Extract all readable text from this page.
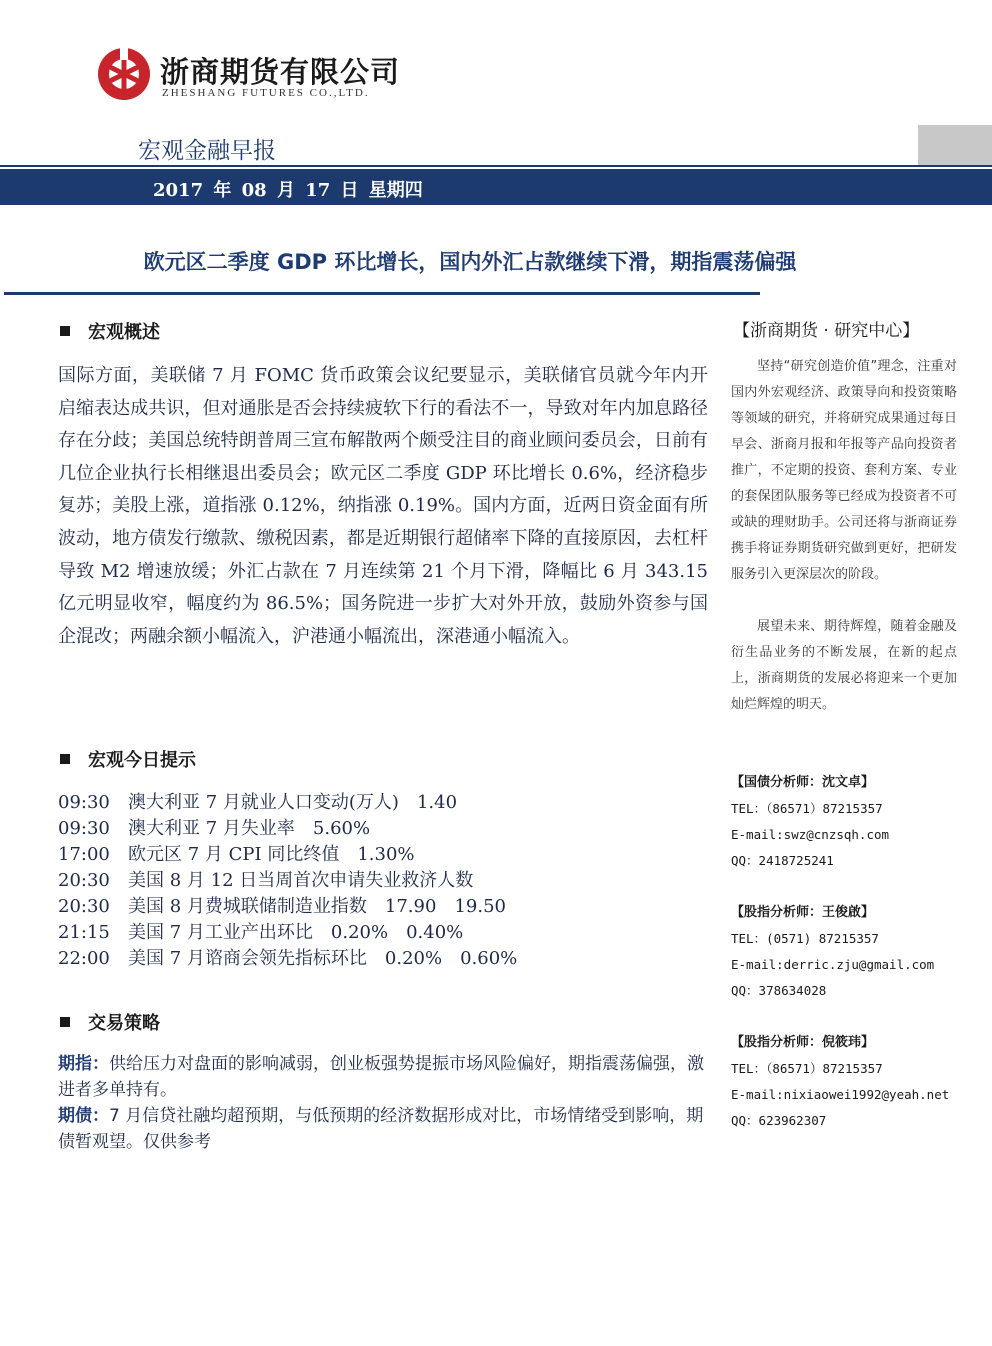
浙商期货有限公司
ZHESHANG FUTURES CO.,LTD.
宏观金融早报
2017 年 08 月 17 日 星期四
欧元区二季度 GDP 环比增长，国内外汇占款继续下滑，期指震荡偏强
宏观概述
国际方面，美联储 7 月 FOMC 货币政策会议纪要显示，美联储官员就今年内开启缩表达成共识，但对通胀是否会持续疲软下行的看法不一，导致对年内加息路径存在分歧；美国总统特朗普周三宣布解散两个颇受注目的商业顾问委员会，日前有几位企业执行长相继退出委员会；欧元区二季度 GDP 环比增长 0.6%，经济稳步复苏；美股上涨，道指涨 0.12%，纳指涨 0.19%。国内方面，近两日资金面有所波动，地方债发行缴款、缴税因素，都是近期银行超储率下降的直接原因，去杠杆导致 M2 增速放缓；外汇占款在 7 月连续第 21 个月下滑，降幅比 6 月 343.15 亿元明显收窄，幅度约为 86.5%；国务院进一步扩大对外开放，鼓励外资参与国企混改；两融余额小幅流入，沪港通小幅流出，深港通小幅流入。
宏观今日提示
09:30 澳大利亚 7 月就业人口变动(万人) 1.40
09:30 澳大利亚 7 月失业率 5.60%
17:00 欧元区 7 月 CPI 同比终值 1.30%
20:30 美国 8 月 12 日当周首次申请失业救济人数
20:30 美国 8 月费城联储制造业指数 17.90 19.50
21:15 美国 7 月工业产出环比 0.20% 0.40%
22:00 美国 7 月谘商会领先指标环比 0.20% 0.60%
交易策略

期指：供给压力对盘面的影响减弱，创业板强势提振市场风险偏好，期指震荡偏强，激进者多单持有。

期债：7 月信贷社融均超预期，与低预期的经济数据形成对比，市场情绪受到影响，期债暂观望。仅供参考

【浙商期货 · 研究中心】

坚持“研究创造价值”理念，注重对国内外宏观经济、政策导向和投资策略等领域的研究，并将研究成果通过每日早会、浙商月报和年报等产品向投资者推广，不定期的投资、套利方案、专业的套保团队服务等已经成为投资者不可或缺的理财助手。公司还将与浙商证券携手将证券期货研究做到更好，把研发服务引入更深层次的阶段。

展望未来、期待辉煌，随着金融及衍生品业务的不断发展，在新的起点上，浙商期货的发展必将迎来一个更加灿烂辉煌的明天。

【国债分析师：沈文卓】
TEL：（86571）87215357
E-mail:swz@cnzsqh.com
QQ：2418725241
【股指分析师：王俊啟】
TEL：(0571) 87215357
E-mail:derric.zju@gmail.com
QQ：378634028
【股指分析师：倪筱玮】
TEL：（86571）87215357
E-mail:nixiaowei1992@yeah.net
QQ：623962307
